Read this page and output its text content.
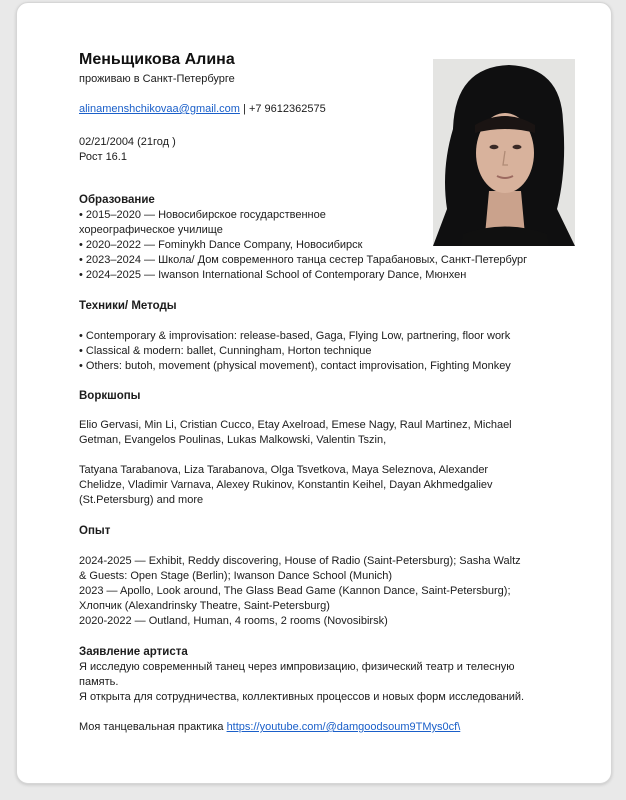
Меньщикова Алина
проживаю в Санкт-Петербурге
alinamenshchikovaa@gmail.com | +7 9612362575
02/21/2004 (21год )
Рост 16.1
Образование
• 2015–2020 — Новосибирское государственное
хореографическое училище
• 2020–2022 — Fominykh Dance Company, Новосибирск
• 2023–2024 — Школа/ Дом современного танца сестер Тарабановых, Санкт-Петербург
• 2024–2025 — Iwanson International School of Contemporary Dance, Мюнхен
Техники/ Методы
• Contemporary & improvisation: release-based, Gaga, Flying Low, partnering, floor work
• Classical & modern: ballet, Cunningham, Horton technique
• Others: butoh, movement (physical movement), contact improvisation, Fighting Monkey
Воркшопы
Elio Gervasi, Min Li, Cristian Cucco, Etay Axelroad, Emese Nagy, Raul Martinez, Michael
Getman, Evangelos Poulinas, Lukas Malkowski, Valentin Tszin,
Tatyana Tarabanova, Liza Tarabanova, Olga Tsvetkova, Maya Seleznova, Alexander
Chelidze, Vladimir Varnava, Alexey Rukinov, Konstantin Keihel, Dayan Akhmedgaliev
(St.Petersburg) and more
Опыт
2024-2025 — Exhibit, Reddy discovering, House of Radio (Saint-Petersburg); Sasha Waltz
& Guests: Open Stage (Berlin); Iwanson Dance School (Munich)
2023 — Apollo, Look around, The Glass Bead Game (Kannon Dance, Saint-Petersburg);
Хлопчик (Alexandrinsky Theatre, Saint-Petersburg)
2020-2022 — Outland, Human, 4 rooms, 2 rooms (Novosibirsk)
Заявление артиста
Я исследую современный танец через импровизацию, физический театр и телесную
память.
Я открыта для сотрудничества, коллективных процессов и новых форм исследований.
Моя танцевальная практика https://youtube.com/@damgoodsoum9TMys0cf\
